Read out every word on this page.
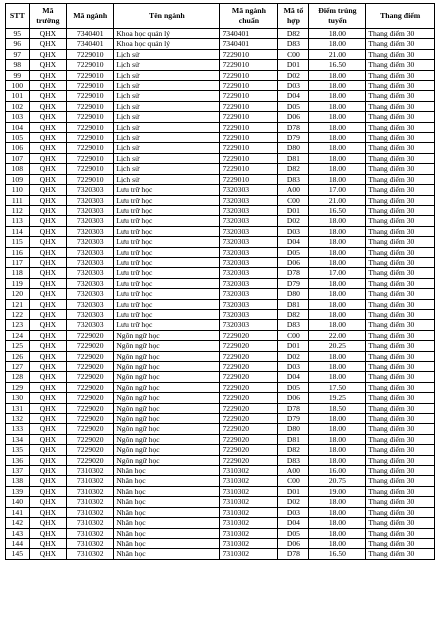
STT	Mã trường	Mã ngành	Tên ngành	Mã ngành chuẩn	Mã tổ hợp	Điểm trúng tuyển	Thang điểm
95	QHX	7340401	Khoa học quản lý	7340401	D82	18.00	Thang điểm 30
96	QHX	7340401	Khoa học quản lý	7340401	D83	18.00	Thang điểm 30
97	QHX	7229010	Lịch sử	7229010	C00	21.00	Thang điểm 30
98	QHX	7229010	Lịch sử	7229010	D01	16.50	Thang điểm 30
99	QHX	7229010	Lịch sử	7229010	D02	18.00	Thang điểm 30
100	QHX	7229010	Lịch sử	7229010	D03	18.00	Thang điểm 30
101	QHX	7229010	Lịch sử	7229010	D04	18.00	Thang điểm 30
102	QHX	7229010	Lịch sử	7229010	D05	18.00	Thang điểm 30
103	QHX	7229010	Lịch sử	7229010	D06	18.00	Thang điểm 30
104	QHX	7229010	Lịch sử	7229010	D78	18.00	Thang điểm 30
105	QHX	7229010	Lịch sử	7229010	D79	18.00	Thang điểm 30
106	QHX	7229010	Lịch sử	7229010	D80	18.00	Thang điểm 30
107	QHX	7229010	Lịch sử	7229010	D81	18.00	Thang điểm 30
108	QHX	7229010	Lịch sử	7229010	D82	18.00	Thang điểm 30
109	QHX	7229010	Lịch sử	7229010	D83	18.00	Thang điểm 30
110	QHX	7320303	Lưu trữ học	7320303	A00	17.00	Thang điểm 30
111	QHX	7320303	Lưu trữ học	7320303	C00	21.00	Thang điểm 30
112	QHX	7320303	Lưu trữ học	7320303	D01	16.50	Thang điểm 30
113	QHX	7320303	Lưu trữ học	7320303	D02	18.00	Thang điểm 30
114	QHX	7320303	Lưu trữ học	7320303	D03	18.00	Thang điểm 30
115	QHX	7320303	Lưu trữ học	7320303	D04	18.00	Thang điểm 30
116	QHX	7320303	Lưu trữ học	7320303	D05	18.00	Thang điểm 30
117	QHX	7320303	Lưu trữ học	7320303	D06	18.00	Thang điểm 30
118	QHX	7320303	Lưu trữ học	7320303	D78	17.00	Thang điểm 30
119	QHX	7320303	Lưu trữ học	7320303	D79	18.00	Thang điểm 30
120	QHX	7320303	Lưu trữ học	7320303	D80	18.00	Thang điểm 30
121	QHX	7320303	Lưu trữ học	7320303	D81	18.00	Thang điểm 30
122	QHX	7320303	Lưu trữ học	7320303	D82	18.00	Thang điểm 30
123	QHX	7320303	Lưu trữ học	7320303	D83	18.00	Thang điểm 30
124	QHX	7229020	Ngôn ngữ học	7229020	C00	22.00	Thang điểm 30
125	QHX	7229020	Ngôn ngữ học	7229020	D01	20.25	Thang điểm 30
126	QHX	7229020	Ngôn ngữ học	7229020	D02	18.00	Thang điểm 30
127	QHX	7229020	Ngôn ngữ học	7229020	D03	18.00	Thang điểm 30
128	QHX	7229020	Ngôn ngữ học	7229020	D04	18.00	Thang điểm 30
129	QHX	7229020	Ngôn ngữ học	7229020	D05	17.50	Thang điểm 30
130	QHX	7229020	Ngôn ngữ học	7229020	D06	19.25	Thang điểm 30
131	QHX	7229020	Ngôn ngữ học	7229020	D78	18.50	Thang điểm 30
132	QHX	7229020	Ngôn ngữ học	7229020	D79	18.00	Thang điểm 30
133	QHX	7229020	Ngôn ngữ học	7229020	D80	18.00	Thang điểm 30
134	QHX	7229020	Ngôn ngữ học	7229020	D81	18.00	Thang điểm 30
135	QHX	7229020	Ngôn ngữ học	7229020	D82	18.00	Thang điểm 30
136	QHX	7229020	Ngôn ngữ học	7229020	D83	18.00	Thang điểm 30
137	QHX	7310302	Nhân học	7310302	A00	16.00	Thang điểm 30
138	QHX	7310302	Nhân học	7310302	C00	20.75	Thang điểm 30
139	QHX	7310302	Nhân học	7310302	D01	19.00	Thang điểm 30
140	QHX	7310302	Nhân học	7310302	D02	18.00	Thang điểm 30
141	QHX	7310302	Nhân học	7310302	D03	18.00	Thang điểm 30
142	QHX	7310302	Nhân học	7310302	D04	18.00	Thang điểm 30
143	QHX	7310302	Nhân học	7310302	D05	18.00	Thang điểm 30
144	QHX	7310302	Nhân học	7310302	D06	18.00	Thang điểm 30
145	QHX	7310302	Nhân học	7310302	D78	16.50	Thang điểm 30
